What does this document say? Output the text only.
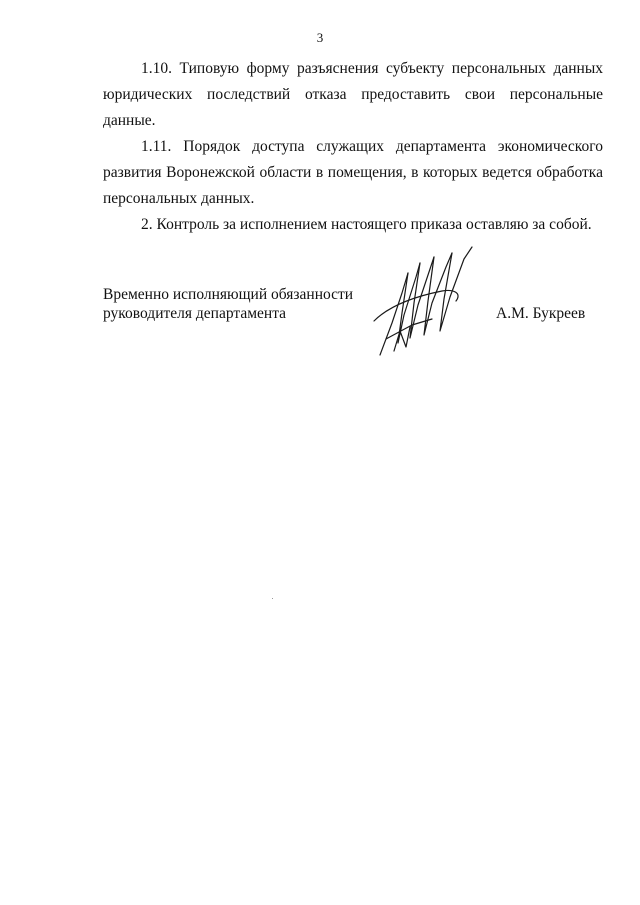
3

1.10. Типовую форму разъяснения субъекту персональных данных юридических последствий отказа предоставить свои персональные данные.

1.11. Порядок доступа служащих департамента экономического развития Воронежской области в помещения, в которых ведется обработка персональных данных.

2. Контроль за исполнением настоящего приказа оставляю за собой.

Временно исполняющий обязанности
руководителя департамента	А.М. Букреев
